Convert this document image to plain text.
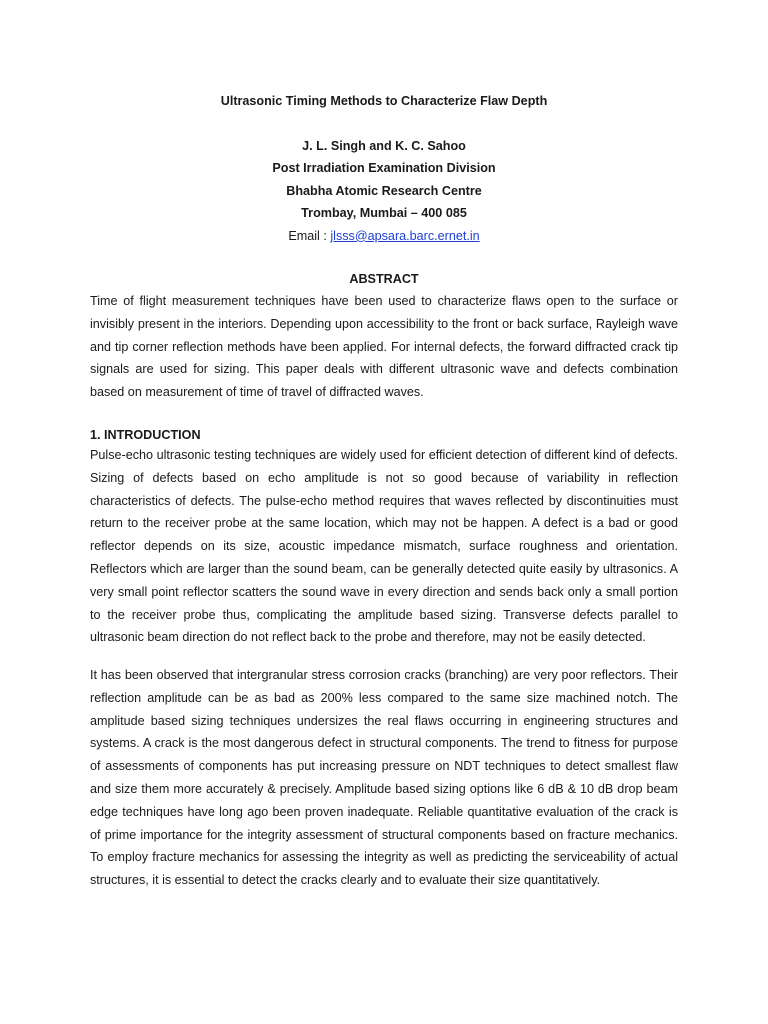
Ultrasonic Timing Methods to Characterize Flaw Depth
J. L. Singh and K. C. Sahoo
Post Irradiation Examination Division
Bhabha Atomic Research Centre
Trombay, Mumbai – 400 085
Email : jlsss@apsara.barc.ernet.in
ABSTRACT

Time of flight measurement techniques have been used to characterize flaws open to the surface or invisibly present in the interiors. Depending upon accessibility to the front or back surface, Rayleigh wave and tip corner reflection methods have been applied. For internal defects, the forward diffracted crack tip signals are used for sizing. This paper deals with different ultrasonic wave and defects combination based on measurement of time of travel of diffracted waves.

1. INTRODUCTION

Pulse-echo ultrasonic testing techniques are widely used for efficient detection of different kind of defects. Sizing of defects based on echo amplitude is not so good because of variability in reflection characteristics of defects. The pulse-echo method requires that waves reflected by discontinuities must return to the receiver probe at the same location, which may not be happen. A defect is a bad or good reflector depends on its size, acoustic impedance mismatch, surface roughness and orientation. Reflectors which are larger than the sound beam, can be generally detected quite easily by ultrasonics. A very small point reflector scatters the sound wave in every direction and sends back only a small portion to the receiver probe thus, complicating the amplitude based sizing. Transverse defects parallel to ultrasonic beam direction do not reflect back to the probe and therefore, may not be easily detected.

It has been observed that intergranular stress corrosion cracks (branching) are very poor reflectors. Their reflection amplitude can be as bad as 200% less compared to the same size machined notch. The amplitude based sizing techniques undersizes the real flaws occurring in engineering structures and systems. A crack is the most dangerous defect in structural components. The trend to fitness for purpose of assessments of components has put increasing pressure on NDT techniques to detect smallest flaw and size them more accurately & precisely. Amplitude based sizing options like 6 dB & 10 dB drop beam edge techniques have long ago been proven inadequate. Reliable quantitative evaluation of the crack is of prime importance for the integrity assessment of structural components based on fracture mechanics. To employ fracture mechanics for assessing the integrity as well as predicting the serviceability of actual structures, it is essential to detect the cracks clearly and to evaluate their size quantitatively.
